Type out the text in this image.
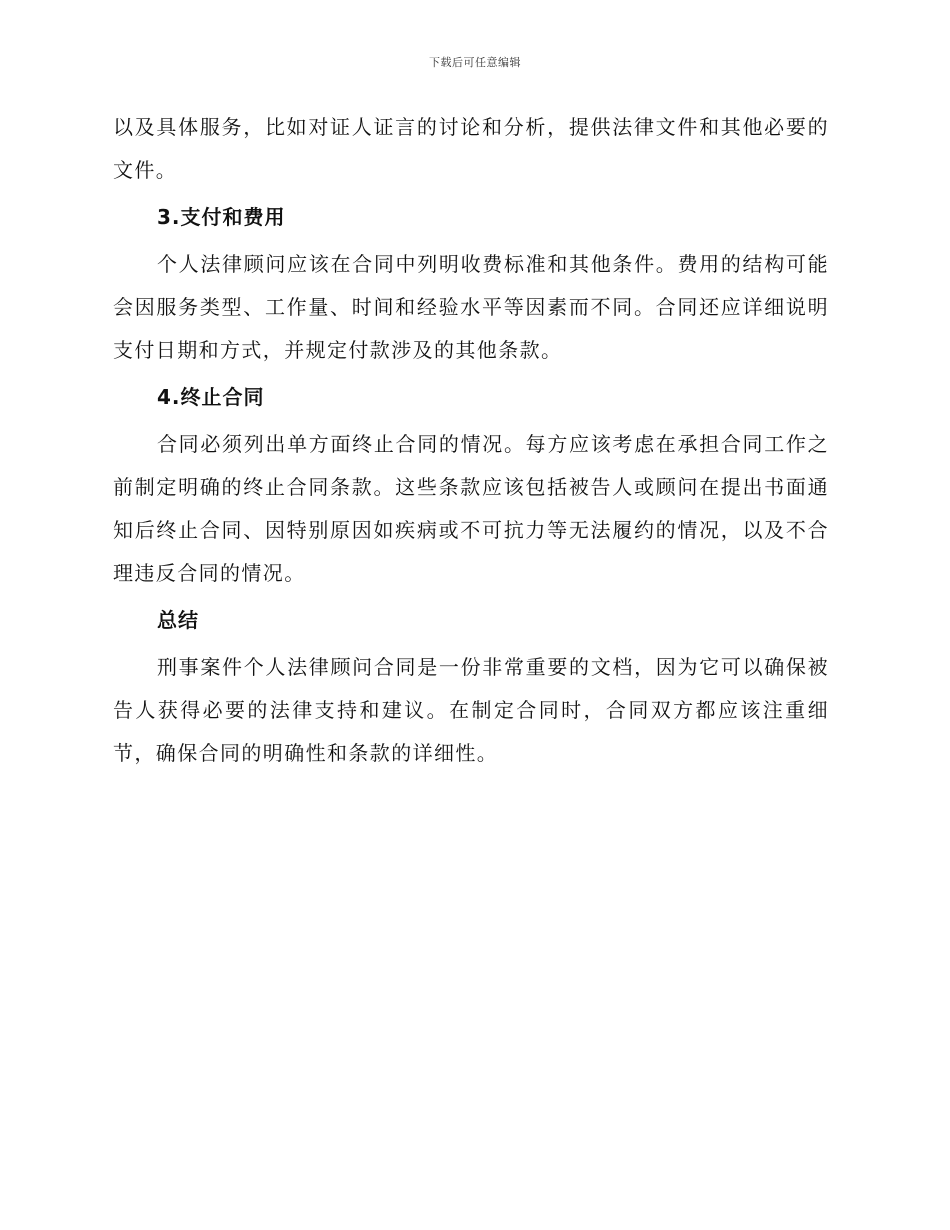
下载后可任意编辑

以及具体服务，比如对证人证言的讨论和分析，提供法律文件和其他必要的文件。

3.支付和费用

个人法律顾问应该在合同中列明收费标准和其他条件。费用的结构可能会因服务类型、工作量、时间和经验水平等因素而不同。合同还应详细说明支付日期和方式，并规定付款涉及的其他条款。

4.终止合同

合同必须列出单方面终止合同的情况。每方应该考虑在承担合同工作之前制定明确的终止合同条款。这些条款应该包括被告人或顾问在提出书面通知后终止合同、因特别原因如疾病或不可抗力等无法履约的情况，以及不合理违反合同的情况。

总结

刑事案件个人法律顾问合同是一份非常重要的文档，因为它可以确保被告人获得必要的法律支持和建议。在制定合同时，合同双方都应该注重细节，确保合同的明确性和条款的详细性。
